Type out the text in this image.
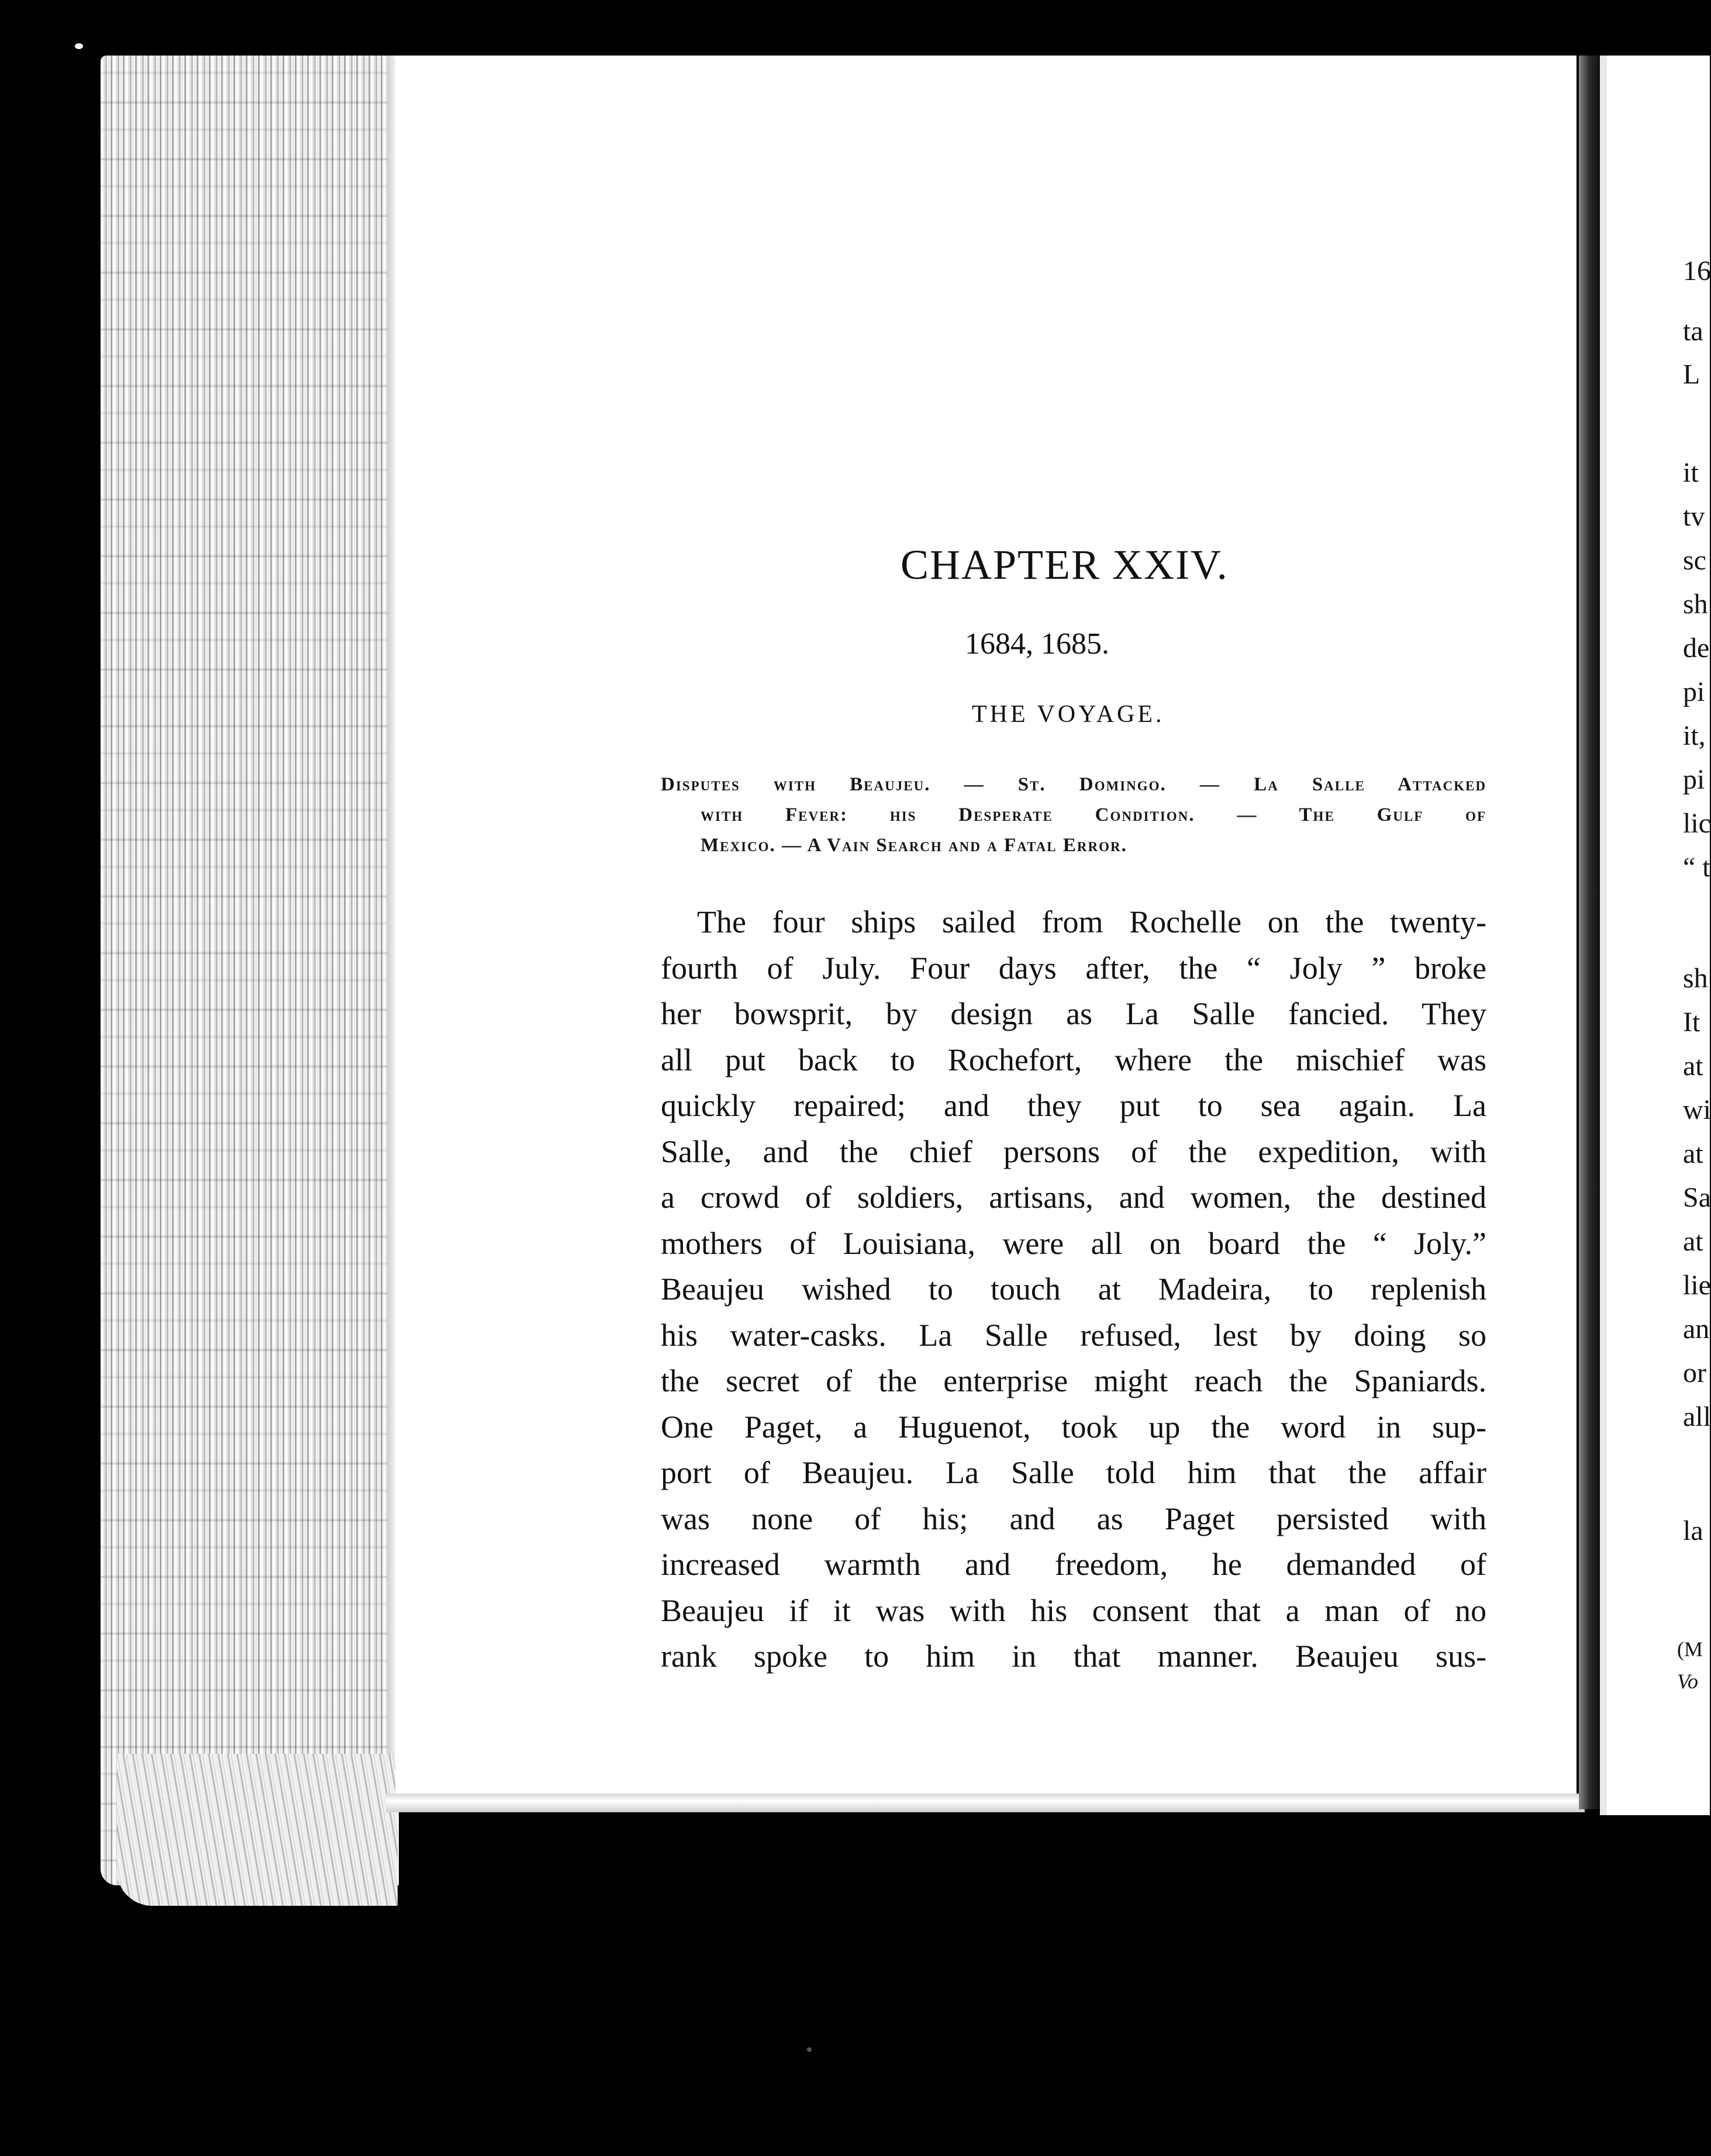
16
ta
L
it
tv
sc
sh
de
pi
it,
pi
lic
“ t
sh
It
at
wi
at
Sa
at
lie
an
or
all
la
(M
Vo
CHAPTER XXIV.
1684, 1685.
THE VOYAGE.
Disputes with Beaujeu. — St. Domingo. — La Salle Attacked
with Fever: his Desperate Condition. — The Gulf of
Mexico. — A Vain Search and a Fatal Error.
The four ships sailed from Rochelle on the twenty-
fourth of July. Four days after, the “ Joly ” broke
her bowsprit, by design as La Salle fancied. They
all put back to Rochefort, where the mischief was
quickly repaired; and they put to sea again. La
Salle, and the chief persons of the expedition, with
a crowd of soldiers, artisans, and women, the destined
mothers of Louisiana, were all on board the “ Joly.”
Beaujeu wished to touch at Madeira, to replenish
his water-casks. La Salle refused, lest by doing so
the secret of the enterprise might reach the Spaniards.
One Paget, a Huguenot, took up the word in sup-
port of Beaujeu. La Salle told him that the affair
was none of his; and as Paget persisted with
increased warmth and freedom, he demanded of
Beaujeu if it was with his consent that a man of no
rank spoke to him in that manner. Beaujeu sus-
